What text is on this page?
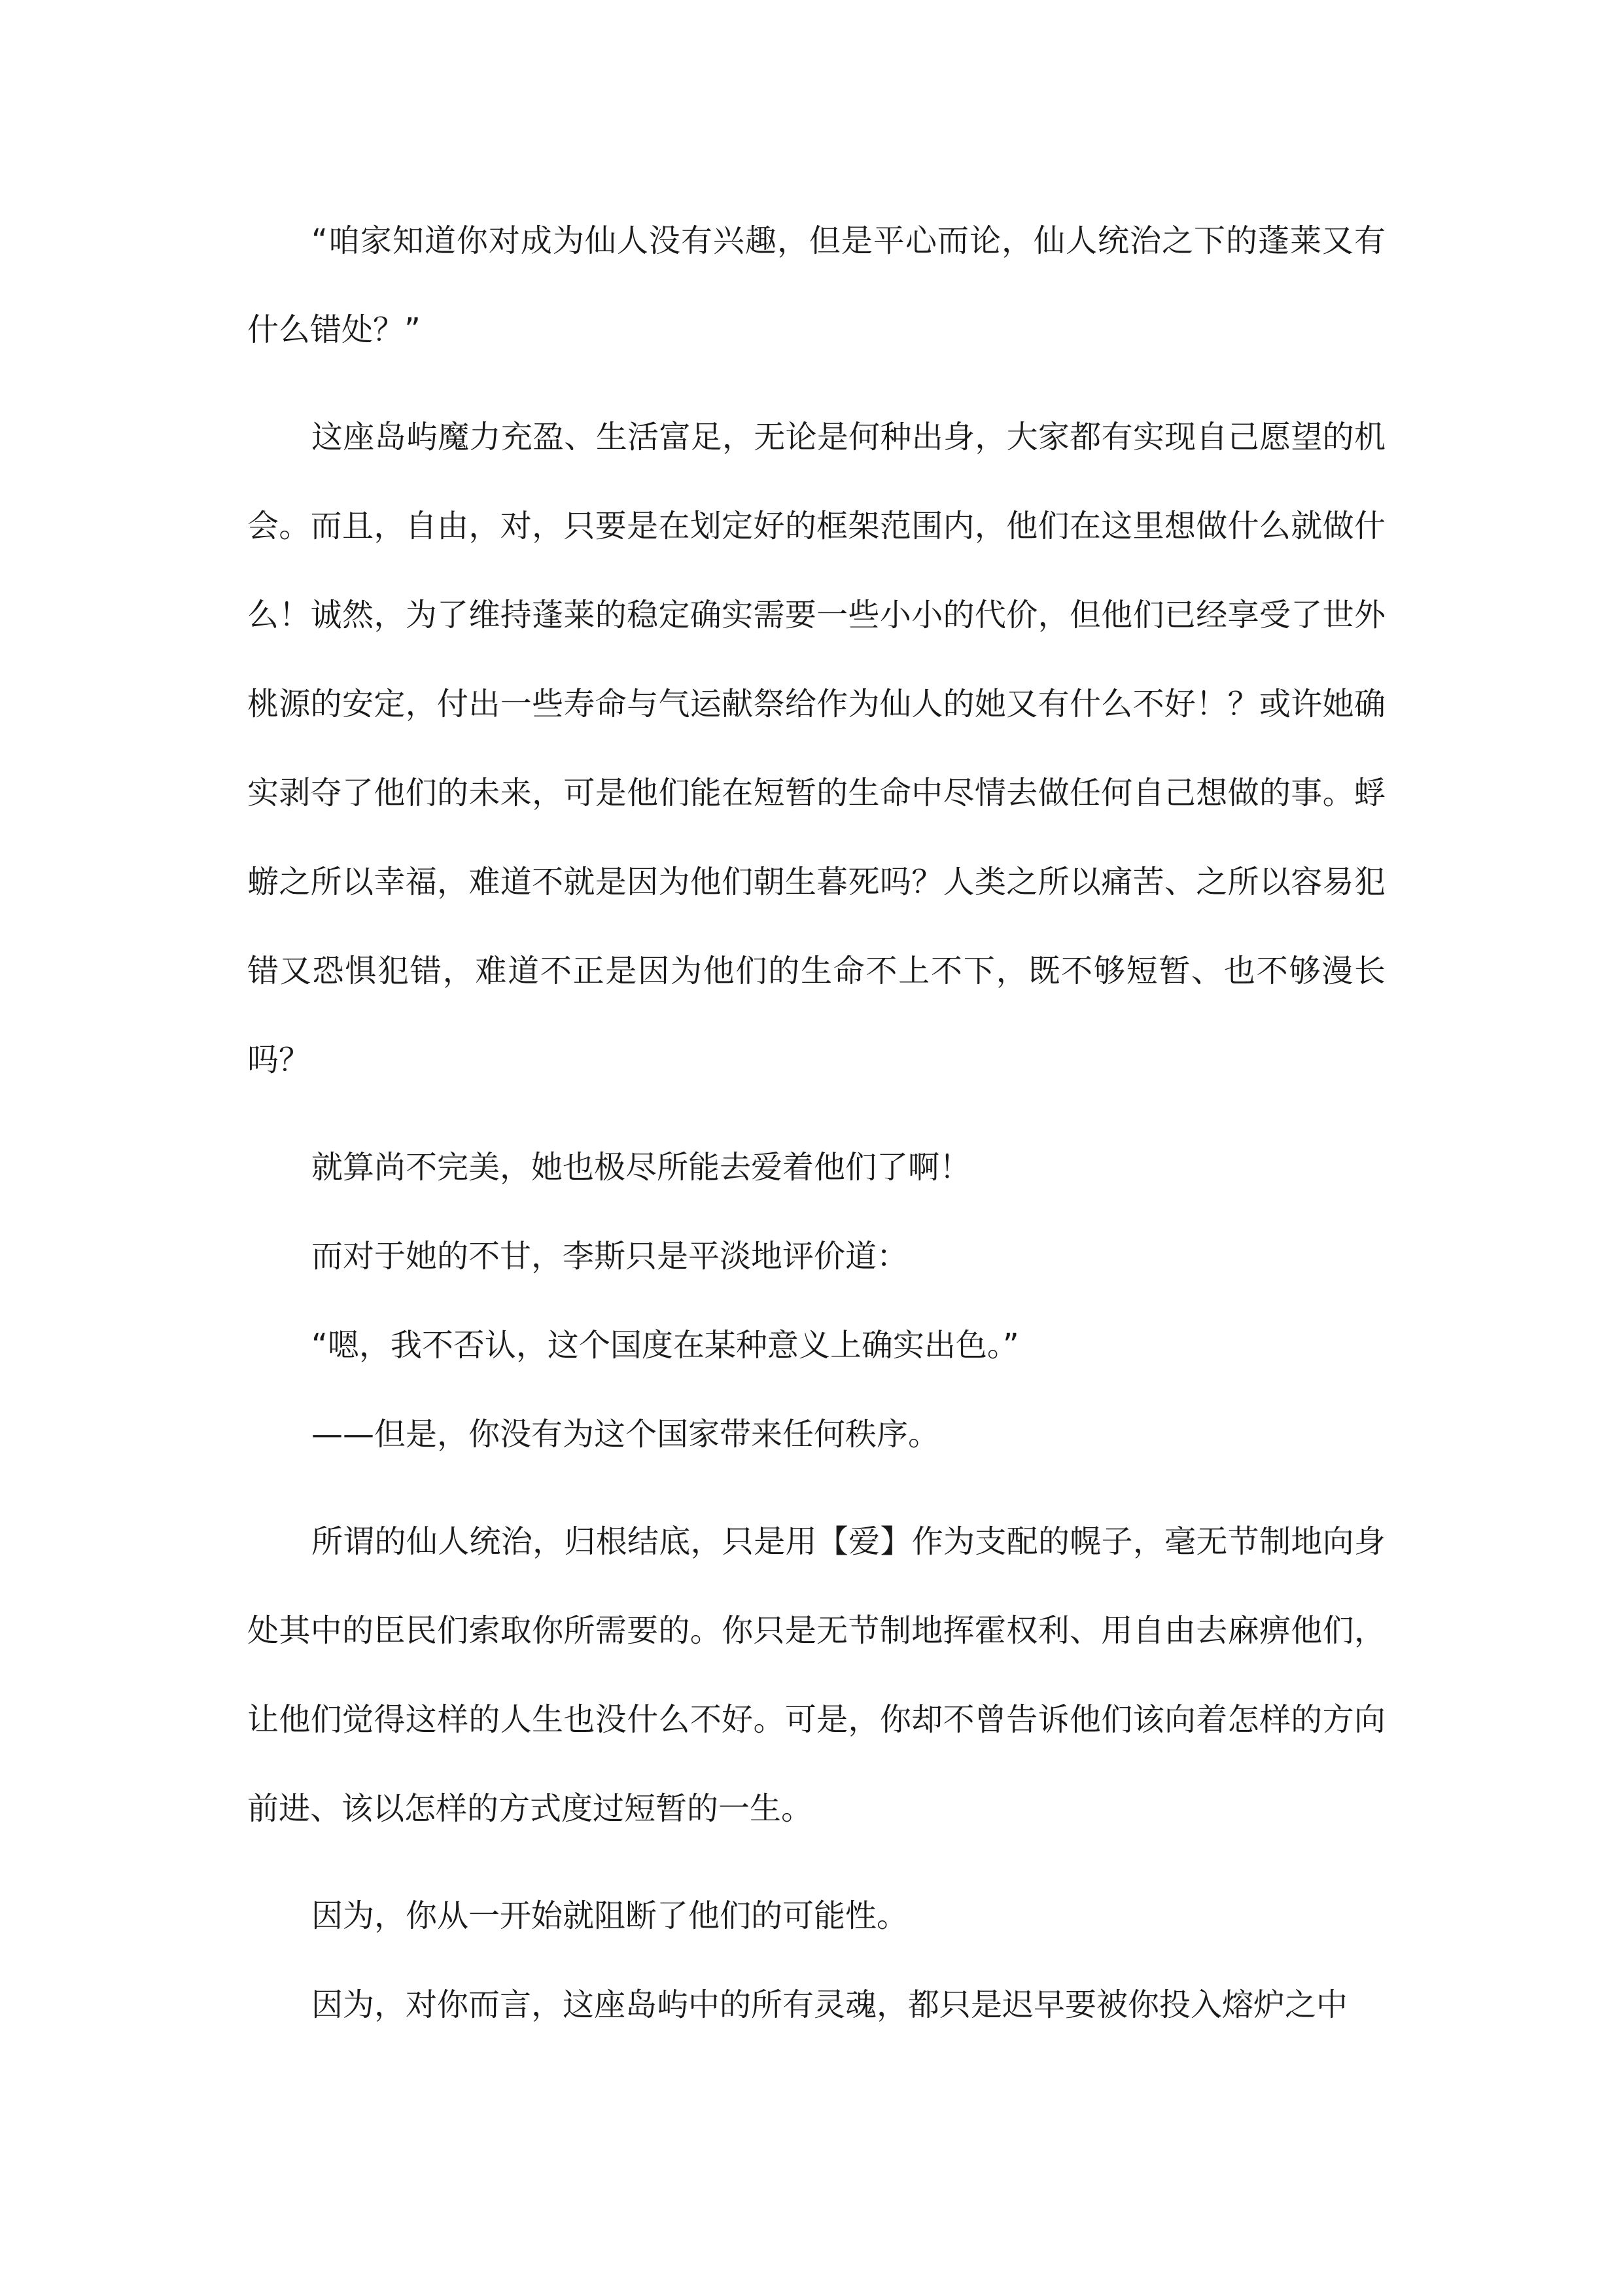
“咱家知道你对成为仙人没有兴趣，但是平心而论，仙人统治之下的蓬莱又有什么错处？”

这座岛屿魔力充盈、生活富足，无论是何种出身，大家都有实现自己愿望的机会。而且，自由，对，只要是在划定好的框架范围内，他们在这里想做什么就做什么！诚然，为了维持蓬莱的稳定确实需要一些小小的代价，但他们已经享受了世外桃源的安定，付出一些寿命与气运献祭给作为仙人的她又有什么不好！？或许她确实剥夺了他们的未来，可是他们能在短暂的生命中尽情去做任何自己想做的事。蜉蝣之所以幸福，难道不就是因为他们朝生暮死吗？人类之所以痛苦、之所以容易犯错又恐惧犯错，难道不正是因为他们的生命不上不下，既不够短暂、也不够漫长吗？

就算尚不完美，她也极尽所能去爱着他们了啊！

而对于她的不甘，李斯只是平淡地评价道：

“嗯，我不否认，这个国度在某种意义上确实出色。”

——但是，你没有为这个国家带来任何秩序。

所谓的仙人统治，归根结底，只是用【爱】作为支配的幌子，毫无节制地向身处其中的臣民们索取你所需要的。你只是无节制地挥霍权利、用自由去麻痹他们，让他们觉得这样的人生也没什么不好。可是，你却不曾告诉他们该向着怎样的方向前进、该以怎样的方式度过短暂的一生。

因为，你从一开始就阻断了他们的可能性。

因为，对你而言，这座岛屿中的所有灵魂，都只是迟早要被你投入熔炉之中
